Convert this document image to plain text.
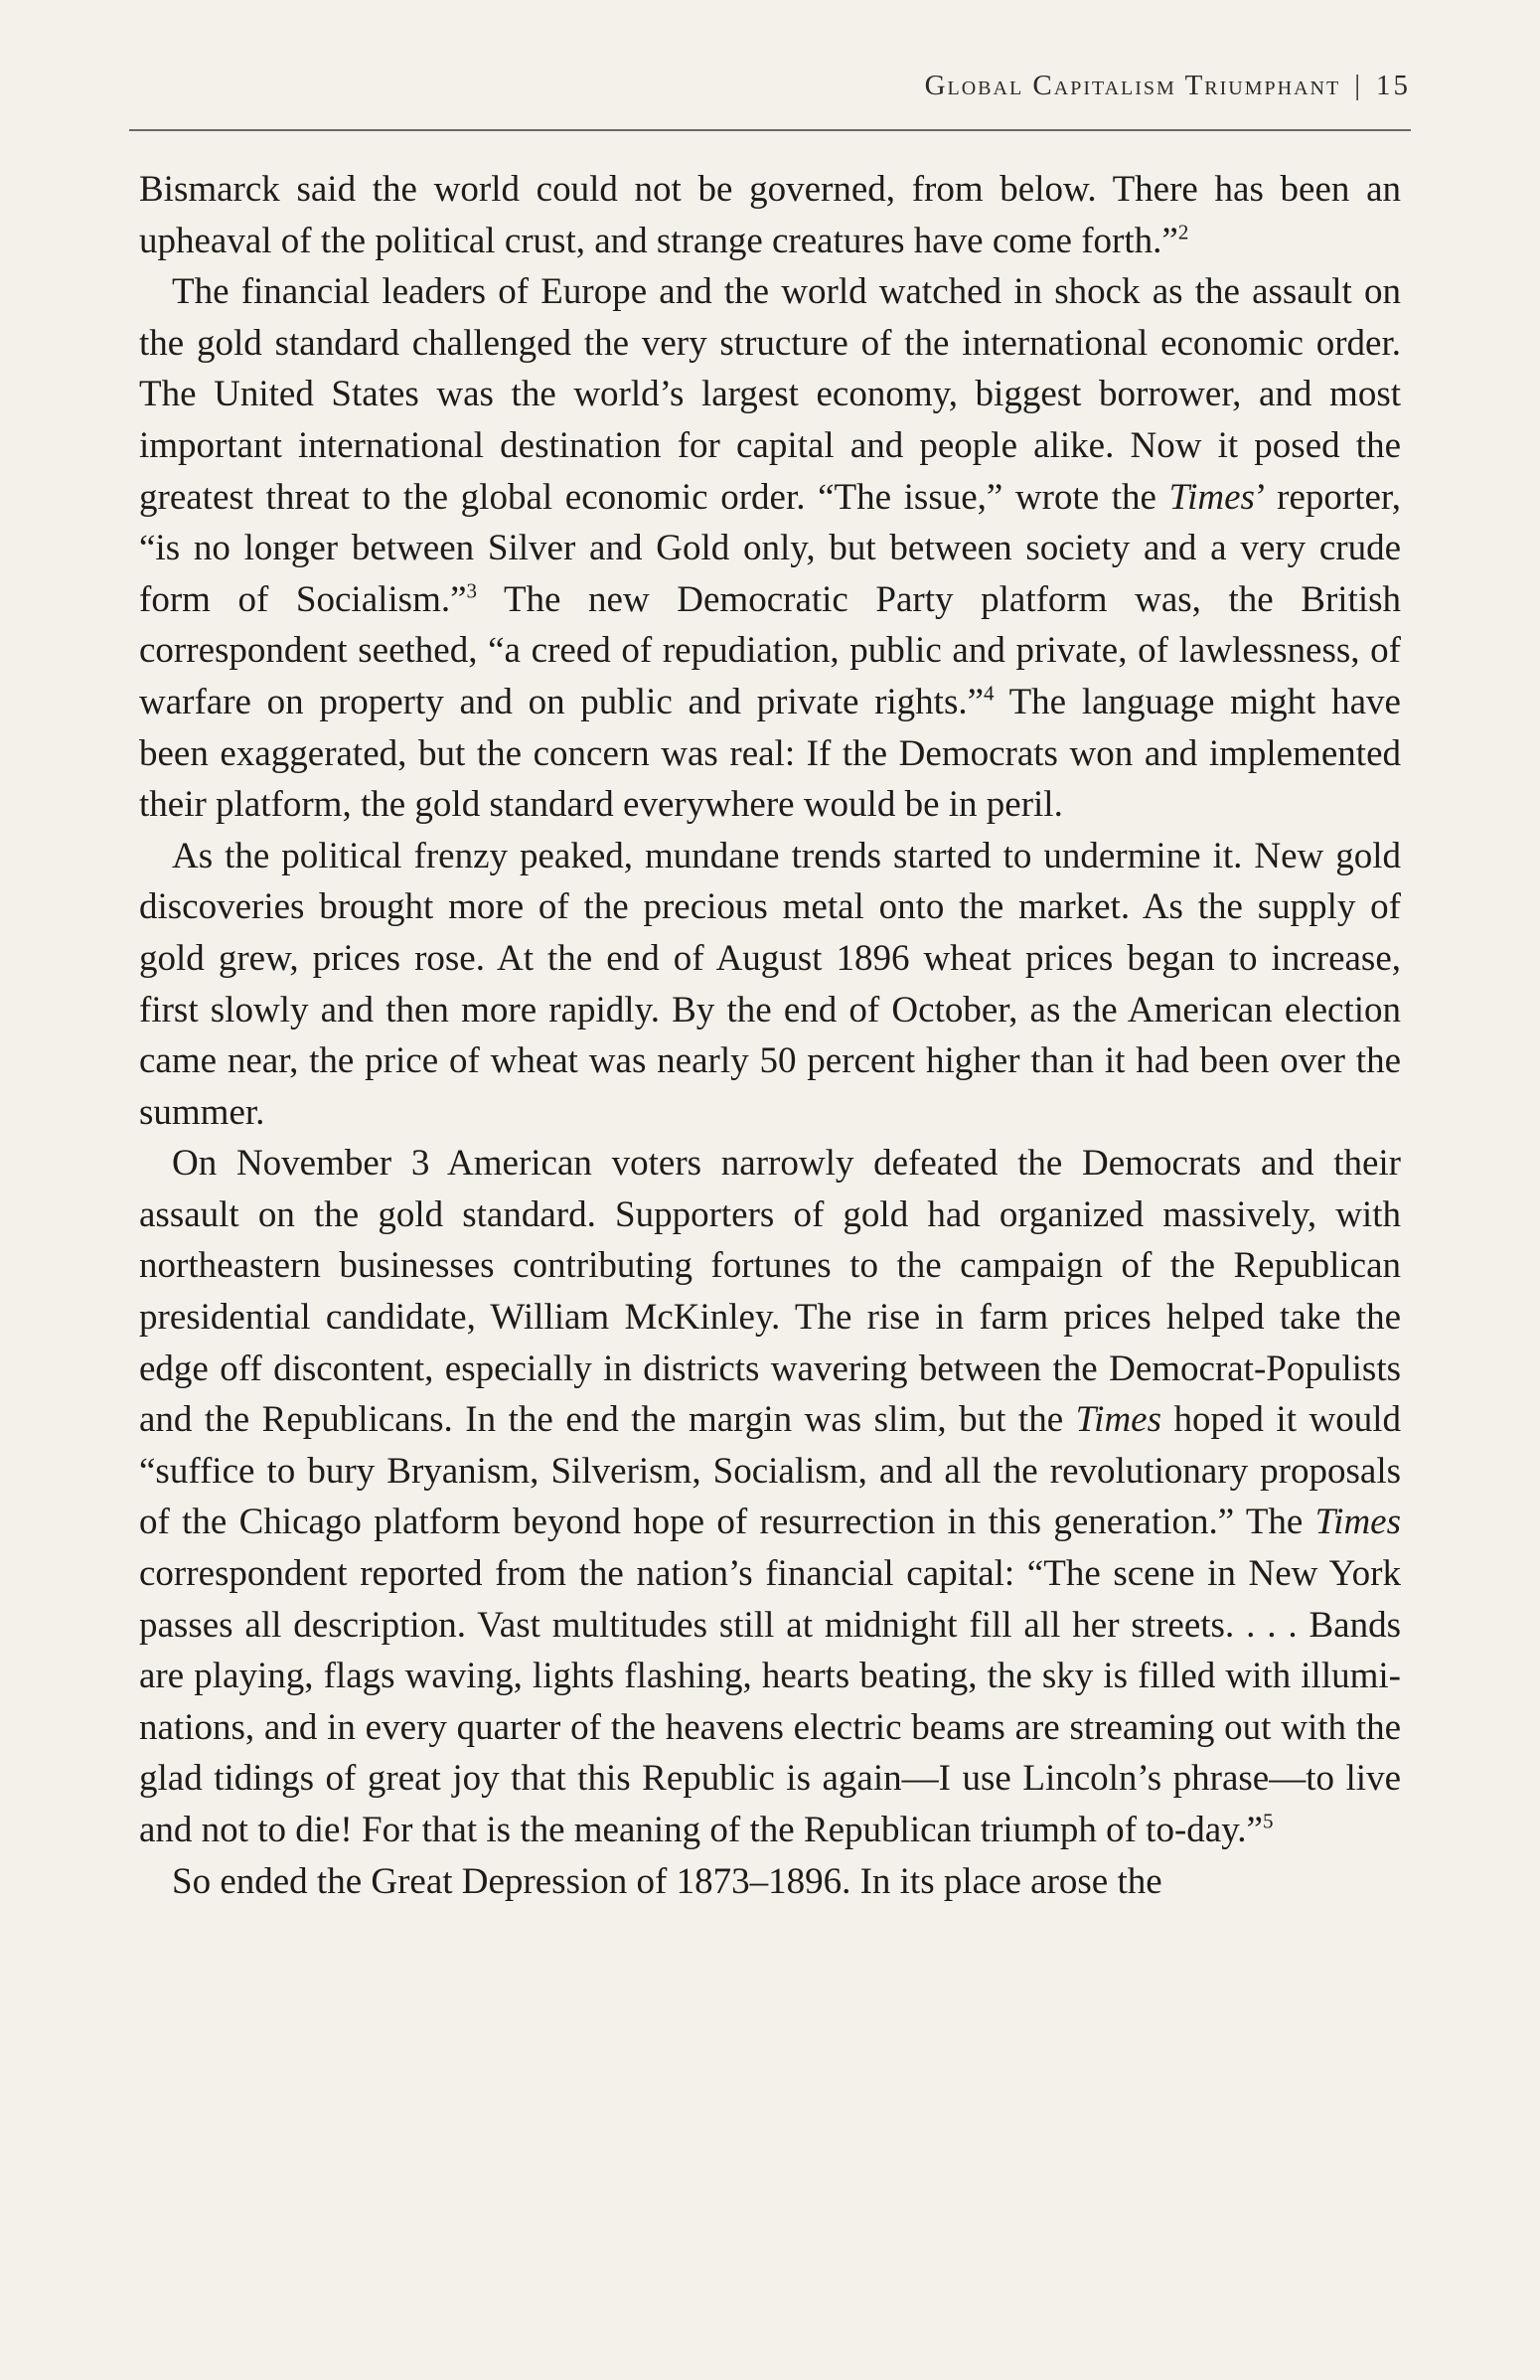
Global Capitalism Triumphant | 15

Bismarck said the world could not be governed, from below. There has been an upheaval of the political crust, and strange creatures have come forth.”$^2$

The financial leaders of Europe and the world watched in shock as the assault on the gold standard challenged the very structure of the international economic order. The United States was the world’s largest economy, biggest borrower, and most important international destination for capital and people alike. Now it posed the greatest threat to the global economic order. “The issue,” wrote the Times’ reporter, “is no longer between Silver and Gold only, but between society and a very crude form of Socialism.”$^3$ The new Democratic Party platform was, the British correspondent seethed, “a creed of repudiation, public and private, of lawlessness, of warfare on property and on public and private rights.”$^4$ The language might have been exaggerated, but the concern was real: If the Democrats won and implemented their platform, the gold standard everywhere would be in peril.

As the political frenzy peaked, mundane trends started to undermine it. New gold discoveries brought more of the precious metal onto the market. As the supply of gold grew, prices rose. At the end of August 1896 wheat prices began to increase, first slowly and then more rapidly. By the end of October, as the American election came near, the price of wheat was nearly 50 percent higher than it had been over the summer.

On November 3 American voters narrowly defeated the Democrats and their assault on the gold standard. Supporters of gold had organized massively, with northeastern businesses contributing fortunes to the campaign of the Republican presidential candidate, William McKinley. The rise in farm prices helped take the edge off discontent, especially in districts wavering between the Democrat-Populists and the Republicans. In the end the margin was slim, but the Times hoped it would “suffice to bury Bryanism, Silverism, Socialism, and all the revolutionary proposals of the Chicago platform beyond hope of resurrection in this generation.” The Times correspondent reported from the nation’s financial capital: “The scene in New York passes all description. Vast multitudes still at midnight fill all her streets. . . . Bands are playing, flags waving, lights flashing, hearts beating, the sky is filled with illuminations, and in every quarter of the heavens electric beams are streaming out with the glad tidings of great joy that this Republic is again—I use Lincoln’s phrase—to live and not to die! For that is the meaning of the Republican triumph of to-day.”$^5$

So ended the Great Depression of 1873–1896. In its place arose the
